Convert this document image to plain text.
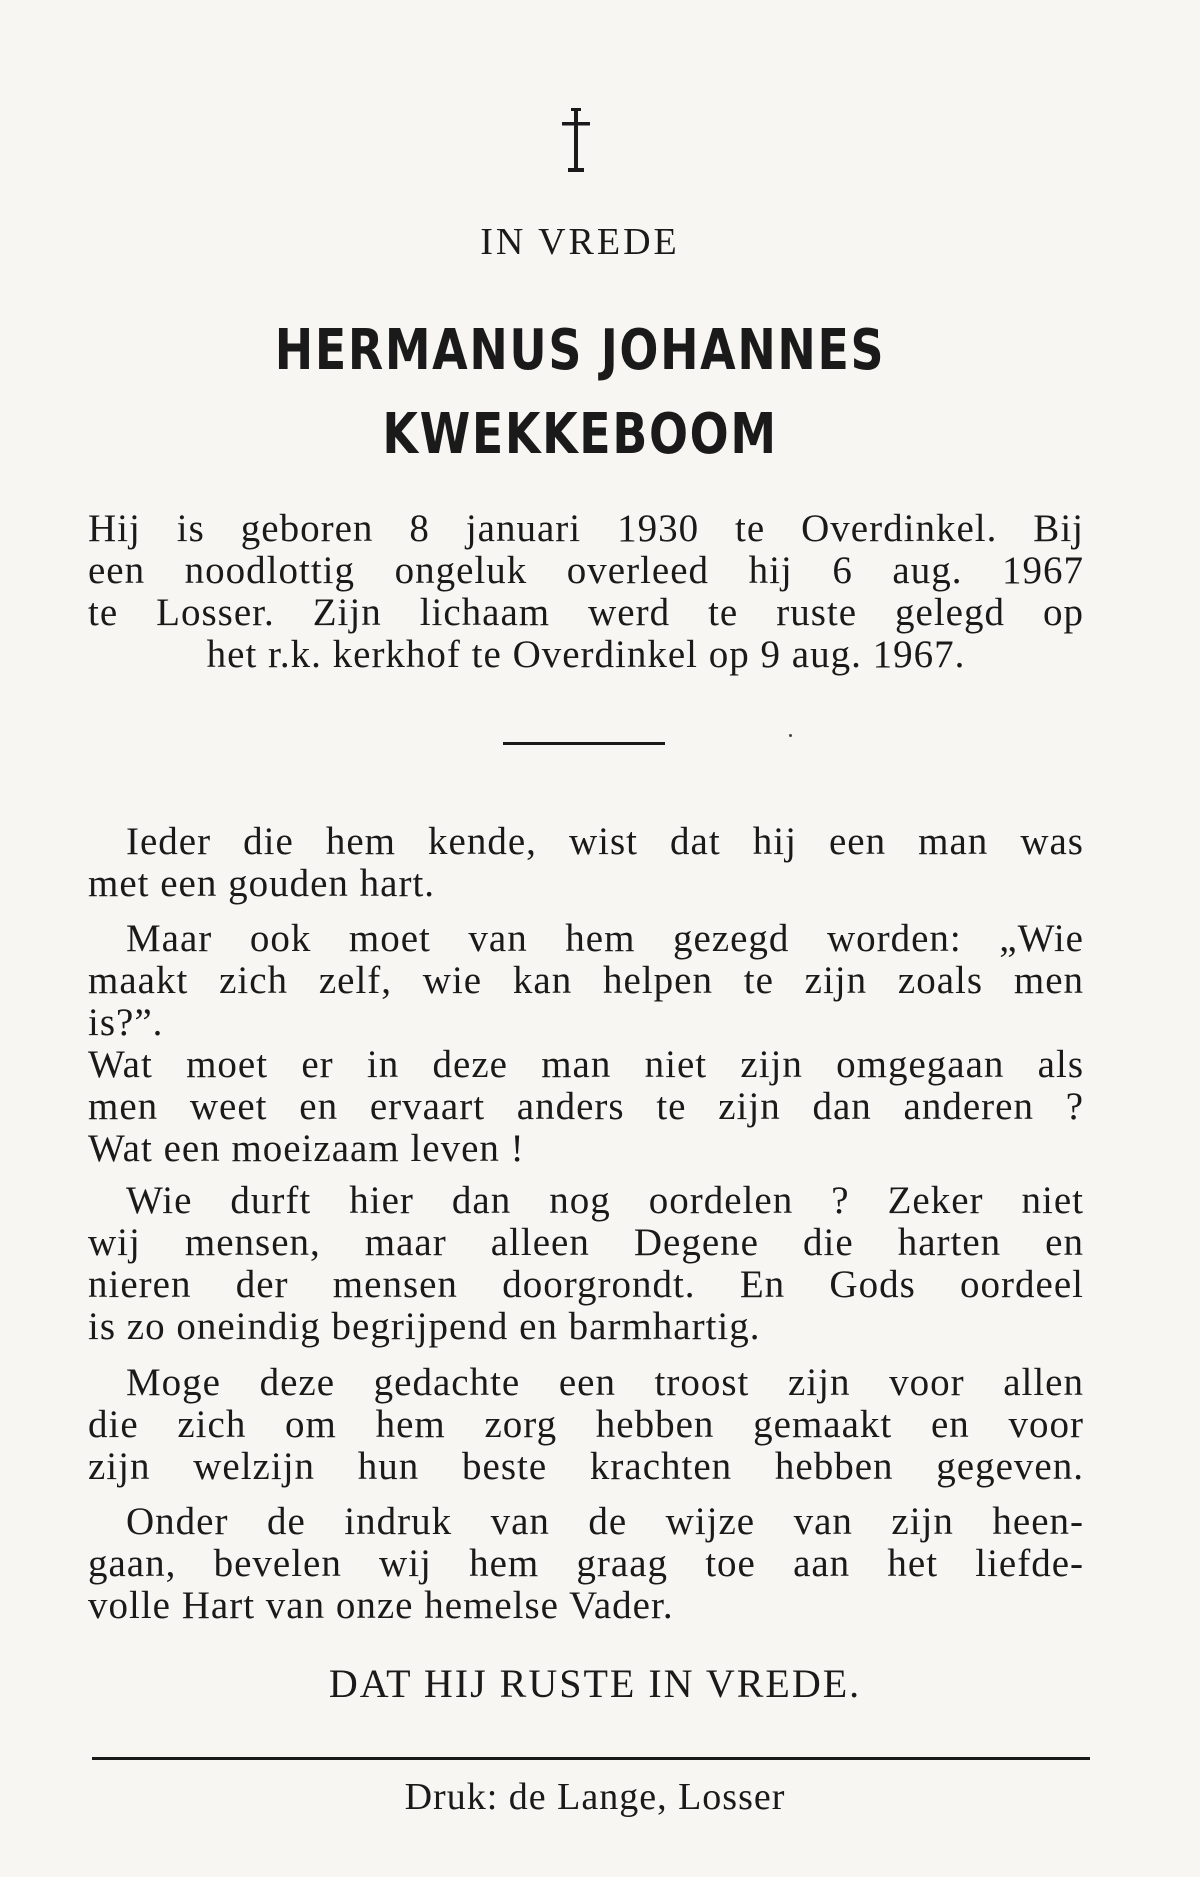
IN VREDE
HERMANUS JOHANNES
KWEKKEBOOM
Hij is geboren 8 januari 1930 te Overdinkel. Bij
een noodlottig ongeluk overleed hij 6 aug. 1967
te Losser. Zijn lichaam werd te ruste gelegd op
het r.k. kerkhof te Overdinkel op 9 aug. 1967.
Ieder die hem kende, wist dat hij een man was
met een gouden hart.
Maar ook moet van hem gezegd worden: „Wie
maakt zich zelf, wie kan helpen te zijn zoals men
is?”.
Wat moet er in deze man niet zijn omgegaan als
men weet en ervaart anders te zijn dan anderen ?
Wat een moeizaam leven !
Wie durft hier dan nog oordelen ? Zeker niet
wij mensen, maar alleen Degene die harten en
nieren der mensen doorgrondt. En Gods oordeel
is zo oneindig begrijpend en barmhartig.
Moge deze gedachte een troost zijn voor allen
die zich om hem zorg hebben gemaakt en voor
zijn welzijn hun beste krachten hebben gegeven.
Onder de indruk van de wijze van zijn heen-
gaan, bevelen wij hem graag toe aan het liefde-
volle Hart van onze hemelse Vader.
DAT HIJ RUSTE IN VREDE.
Druk: de Lange, Losser
